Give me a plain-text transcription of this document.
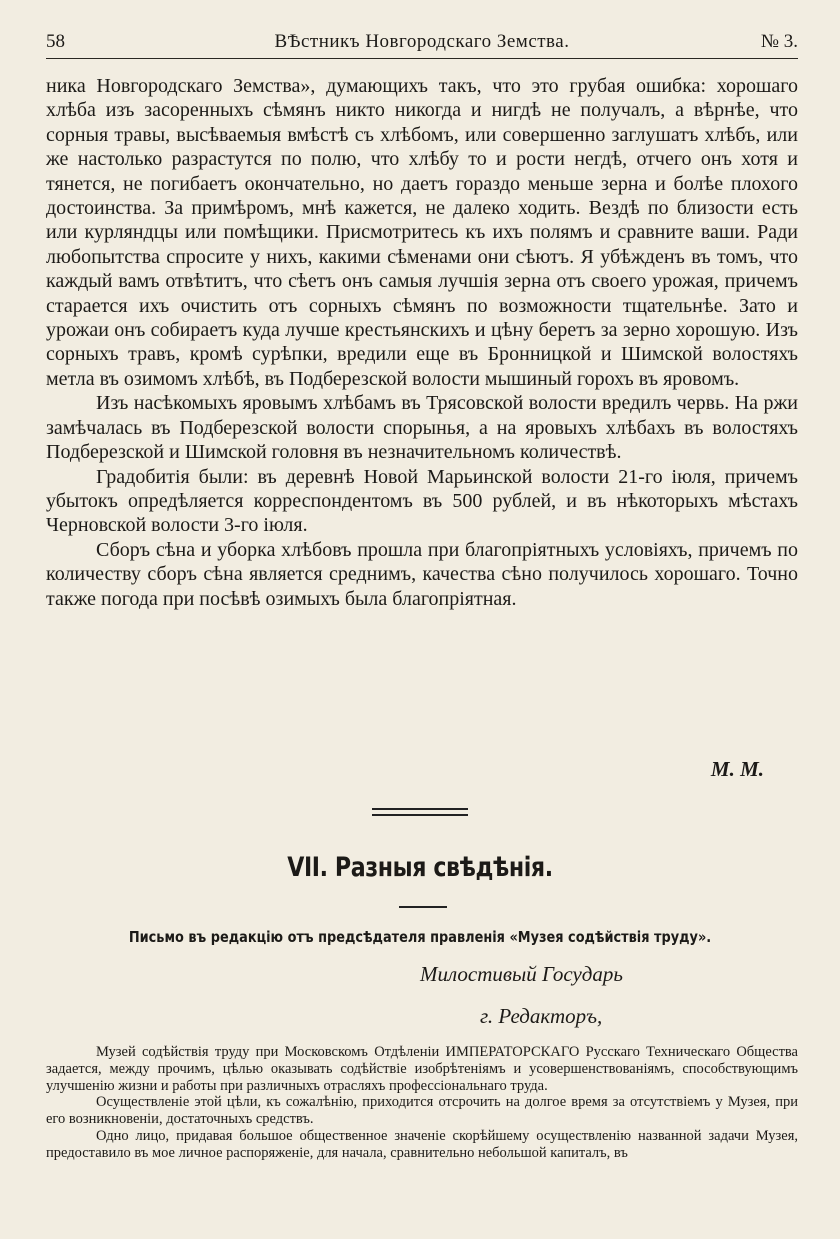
58	ВѢстникъ Новгородскаго Земства.	№ 3.

ника Новгородскаго Земства», думающихъ такъ, что это грубая ошибка: хорошаго хлѣба изъ засоренныхъ сѣмянъ никто никогда и нигдѣ не получалъ, а вѣрнѣе, что сорныя травы, высѣваемыя вмѣстѣ съ хлѣбомъ, или совершенно заглушатъ хлѣбъ, или же настолько разрастутся по полю, что хлѣбу то и рости негдѣ, отчего онъ хотя и тянется, не погибаетъ окончательно, но даетъ гораздо меньше зерна и болѣе плохого достоинства. За примѣромъ, мнѣ кажется, не далеко ходить. Вездѣ по близости есть или курляндцы или помѣщики. Присмотритесь къ ихъ полямъ и сравните ваши. Ради любопытства спросите у нихъ, какими сѣменами они сѣютъ. Я убѣжденъ въ томъ, что каждый вамъ отвѣтитъ, что сѣетъ онъ самыя лучшія зерна отъ своего урожая, причемъ старается ихъ очистить отъ сорныхъ сѣмянъ по возможности тщательнѣе. Зато и урожаи онъ собираетъ куда лучше крестьянскихъ и цѣну беретъ за зерно хорошую. Изъ сорныхъ травъ, кромѣ сурѣпки, вредили еще въ Бронницкой и Шимской волостяхъ метла въ озимомъ хлѣбѣ, въ Подберезской волости мышиный горохъ въ яровомъ.

Изъ насѣкомыхъ яровымъ хлѣбамъ въ Трясовской волости вредилъ червь. На ржи замѣчалась въ Подберезской волости спорынья, а на яровыхъ хлѣбахъ въ волостяхъ Подберезской и Шимской головня въ незначительномъ количествѣ.

Градобитія были: въ деревнѣ Новой Марьинской волости 21-го іюля, причемъ убытокъ опредѣляется корреспондентомъ въ 500 рублей, и въ нѣкоторыхъ мѣстахъ Черновской волости 3-го іюля.

Сборъ сѣна и уборка хлѣбовъ прошла при благопріятныхъ условіяхъ, причемъ по количеству сборъ сѣна является среднимъ, качества сѣно получилось хорошаго. Точно также погода при посѣвѣ озимыхъ была благопріятная.

М. М.
VII. Разныя свѣдѣнія.
Письмо въ редакцію отъ предсѣдателя правленія «Музея содѣйствія труду».
Милостивый Государь
г. Редакторъ,

Музей содѣйствія труду при Московскомъ Отдѣленіи ИМПЕРАТОРСКАГО Русскаго Техническаго Общества задается, между прочимъ, цѣлью оказывать содѣйствіе изобрѣтеніямъ и усовершенствованіямъ, способствующимъ улучшенію жизни и работы при различныхъ отрасляхъ профессіональнаго труда.

Осуществленіе этой цѣли, къ сожалѣнію, приходится отсрочить на долгое время за отсутствіемъ у Музея, при его возникновеніи, достаточныхъ средствъ.

Одно лицо, придавая большое общественное значеніе скорѣйшему осуществленію названной задачи Музея, предоставило въ мое личное распоряженіе, для начала, сравнительно небольшой капиталъ, въ
